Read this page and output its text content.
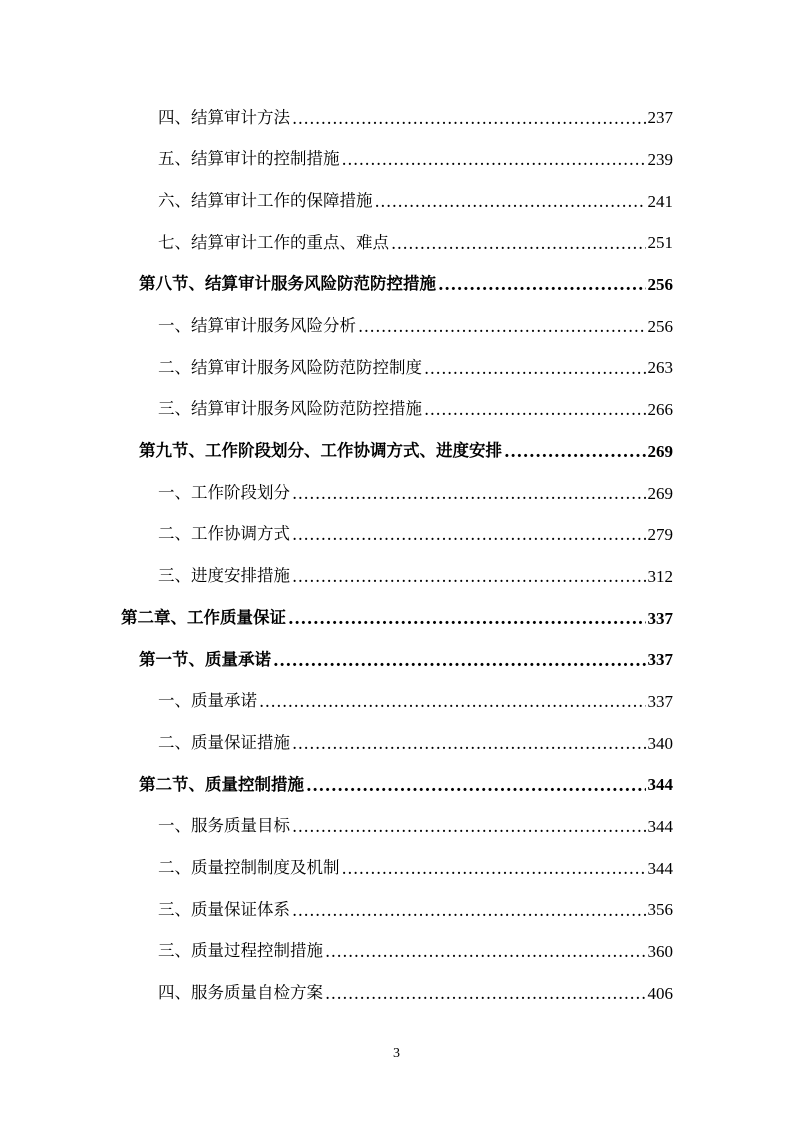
四、结算审计方法 .....	237
五、结算审计的控制措施 .....	239
六、结算审计工作的保障措施 .....	241
七、结算审计工作的重点、难点 .....	251
第八节、结算审计服务风险防范防控措施 .....	256
一、结算审计服务风险分析 .....	256
二、结算审计服务风险防范防控制度 .....	263
三、结算审计服务风险防范防控措施 .....	266
第九节、工作阶段划分、工作协调方式、进度安排 .....	269
一、工作阶段划分 .....	269
二、工作协调方式 .....	279
三、进度安排措施 .....	312
第二章、工作质量保证 .....	337
第一节、质量承诺 .....	337
一、质量承诺 .....	337
二、质量保证措施 .....	340
第二节、质量控制措施 .....	344
一、服务质量目标 .....	344
二、质量控制制度及机制 .....	344
三、质量保证体系 .....	356
三、质量过程控制措施 .....	360
四、服务质量自检方案 .....	406
3
